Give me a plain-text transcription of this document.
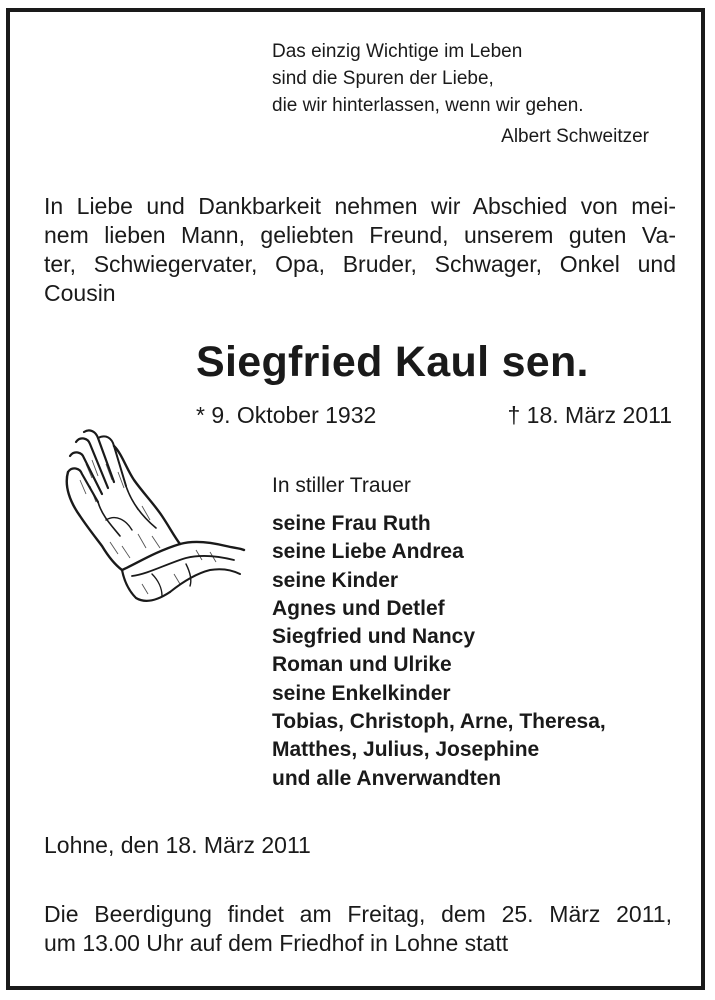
Das einzig Wichtige im Leben
sind die Spuren der Liebe,
die wir hinterlassen, wenn wir gehen.
Albert Schweitzer
In Liebe und Dankbarkeit nehmen wir Abschied von mei-
nem lieben Mann, geliebten Freund, unserem guten Va-
ter, Schwiegervater, Opa, Bruder, Schwager, Onkel und
Cousin
Siegfried Kaul sen.
* 9. Oktober 1932	† 18. März 2011
In stiller Trauer
seine Frau Ruth
seine Liebe Andrea
seine Kinder
Agnes und Detlef
Siegfried und Nancy
Roman und Ulrike
seine Enkelkinder
Tobias, Christoph, Arne, Theresa,
Matthes, Julius, Josephine
und alle Anverwandten
Lohne, den 18. März 2011
Die Beerdigung findet am Freitag, dem 25. März 2011,
um 13.00 Uhr auf dem Friedhof in Lohne statt
